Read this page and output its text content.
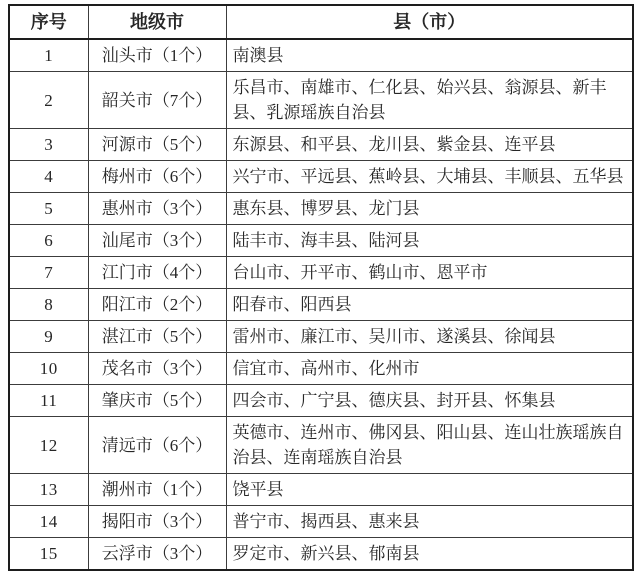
序号	地级市	县（市）
1	汕头市（1个）	南澳县
2	韶关市（7个）	乐昌市、南雄市、仁化县、始兴县、翁源县、新丰县、乳源瑶族自治县
3	河源市（5个）	东源县、和平县、龙川县、紫金县、连平县
4	梅州市（6个）	兴宁市、平远县、蕉岭县、大埔县、丰顺县、五华县
5	惠州市（3个）	惠东县、博罗县、龙门县
6	汕尾市（3个）	陆丰市、海丰县、陆河县
7	江门市（4个）	台山市、开平市、鹤山市、恩平市
8	阳江市（2个）	阳春市、阳西县
9	湛江市（5个）	雷州市、廉江市、吴川市、遂溪县、徐闻县
10	茂名市（3个）	信宜市、高州市、化州市
11	肇庆市（5个）	四会市、广宁县、德庆县、封开县、怀集县
12	清远市（6个）	英德市、连州市、佛冈县、阳山县、连山壮族瑶族自治县、连南瑶族自治县
13	潮州市（1个）	饶平县
14	揭阳市（3个）	普宁市、揭西县、惠来县
15	云浮市（3个）	罗定市、新兴县、郁南县
